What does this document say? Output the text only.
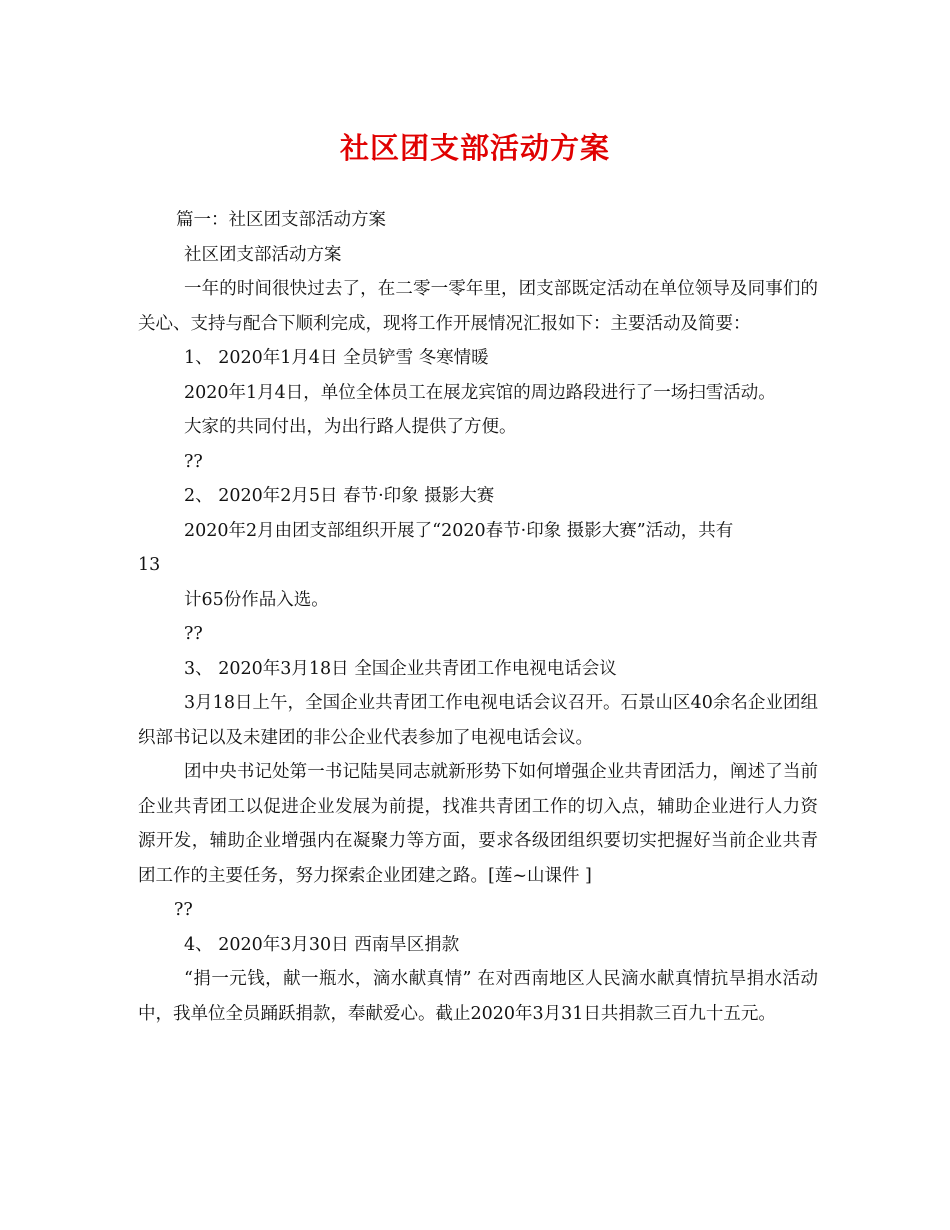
社区团支部活动方案

篇一：社区团支部活动方案

社区团支部活动方案

一年的时间很快过去了，在二零一零年里，团支部既定活动在单位领导及同事们的关心、支持与配合下顺利完成，现将工作开展情况汇报如下：主要活动及简要：

1、 2020年1月4日 全员铲雪 冬寒情暖

2020年1月4日，单位全体员工在展龙宾馆的周边路段进行了一场扫雪活动。

大家的共同付出，为出行路人提供了方便。

??

2、 2020年2月5日 春节·印象 摄影大赛

2020年2月由团支部组织开展了“2020春节·印象 摄影大赛”活动，共有

13

计65份作品入选。

??

3、 2020年3月18日 全国企业共青团工作电视电话会议

3月18日上午，全国企业共青团工作电视电话会议召开。石景山区40余名企业团组织部书记以及未建团的非公企业代表参加了电视电话会议。

团中央书记处第一书记陆昊同志就新形势下如何增强企业共青团活力，阐述了当前企业共青团工以促进企业发展为前提，找准共青团工作的切入点，辅助企业进行人力资源开发，辅助企业增强内在凝聚力等方面，要求各级团组织要切实把握好当前企业共青团工作的主要任务，努力探索企业团建之路。[莲~山课件 ]

??

4、 2020年3月30日 西南旱区捐款

“捐一元钱，献一瓶水，滴水献真情” 在对西南地区人民滴水献真情抗旱捐水活动中，我单位全员踊跃捐款，奉献爱心。截止2020年3月31日共捐款三百九十五元。
